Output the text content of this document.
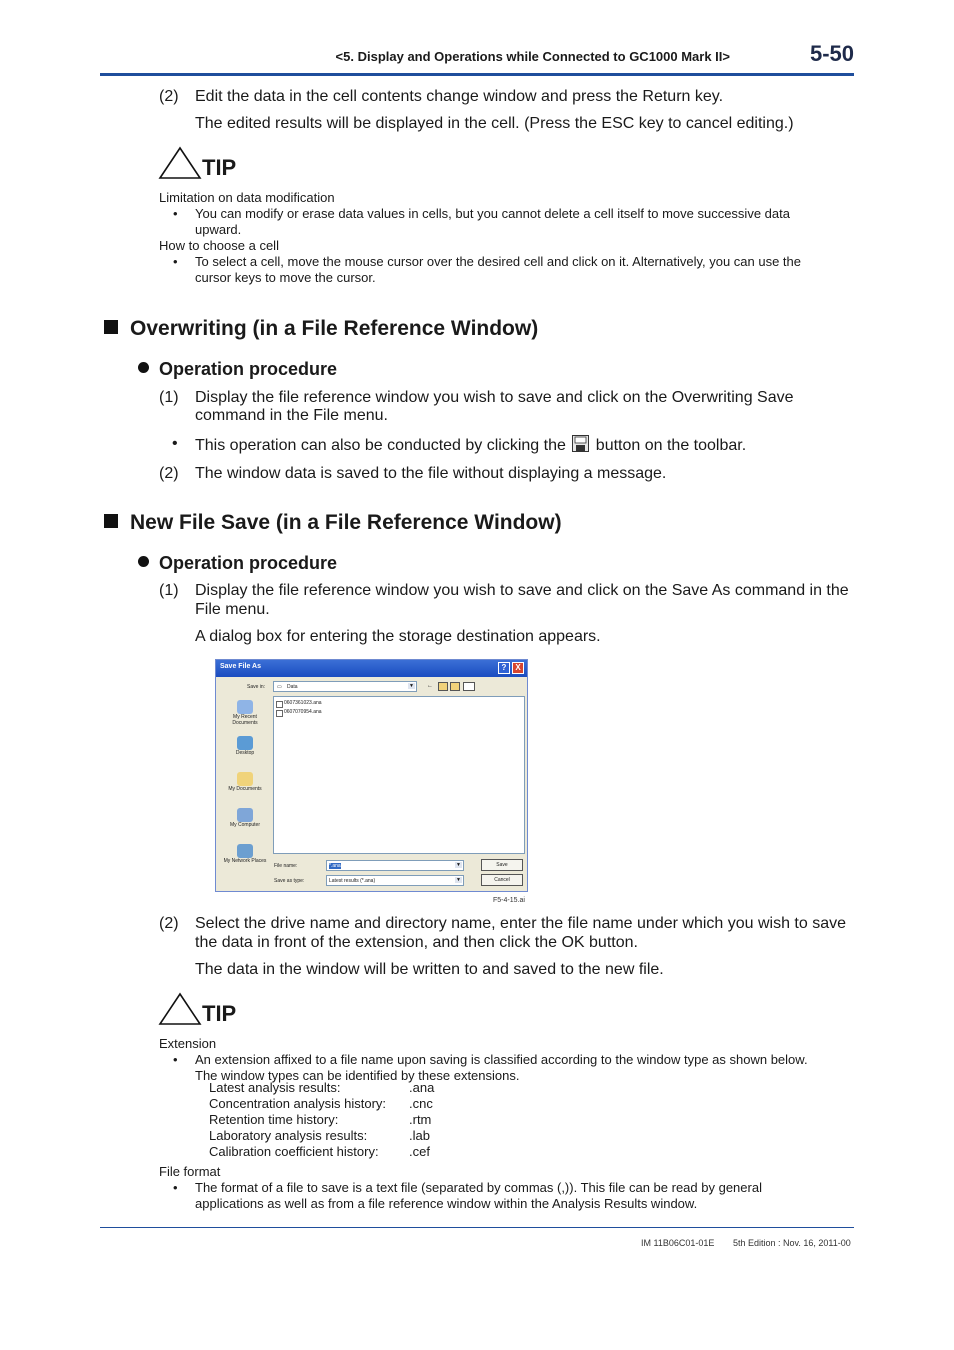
<5. Display and Operations while Connected to GC1000 Mark II>	5-50
(2) Edit the data in the cell contents change window and press the Return key.
The edited results will be displayed in the cell. (Press the ESC key to cancel editing.)
TIP
Limitation on data modification
• You can modify or erase data values in cells, but you cannot delete a cell itself to move successive data
upward.
How to choose a cell
• To select a cell, move the mouse cursor over the desired cell and click on it. Alternatively, you can use the
cursor keys to move the cursor.
Overwriting (in a File Reference Window)
Operation procedure
(1) Display the file reference window you wish to save and click on the Overwriting Save
command in the File menu.
• This operation can also be conducted by clicking the button on the toolbar.
(2) The window data is saved to the file without displaying a message.
New File Save (in a File Reference Window)
Operation procedure
(1) Display the file reference window you wish to save and click on the Save As command in the
File menu.
A dialog box for entering the storage destination appears.
Save File As	?	X
Save in: ▭ Data	▼ ←
My Recent Documents
Desktop
My Documents
My Computer
My Network Places
0607361023.ana
0607070954.ana
File name:	*.ana	▼
Save as type:	Latest results (*.ana)	▼
Save
Cancel
F5-4-15.ai
(2) Select the drive name and directory name, enter the file name under which you wish to save
the data in front of the extension, and then click the OK button.
The data in the window will be written to and saved to the new file.
TIP
Extension
• An extension affixed to a file name upon saving is classified according to the window type as shown below.
The window types can be identified by these extensions.
Latest analysis results:	.ana
Concentration analysis history: .cnc
Retention time history:	.rtm
Laboratory analysis results:	.lab
Calibration coefficient history: .cef
File format
• The format of a file to save is a text file (separated by commas (,)). This file can be read by general
applications as well as from a file reference window within the Analysis Results window.
IM 11B06C01-01E 5th Edition : Nov. 16, 2011-00
